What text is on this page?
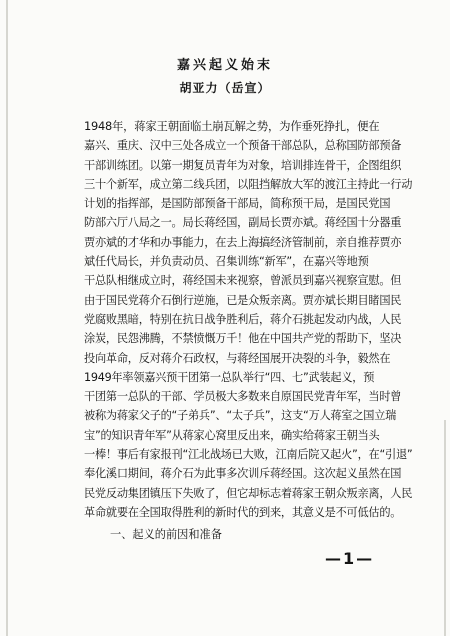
嘉兴起义始末
胡亚力（岳宣）
1948年，蒋家王朝面临土崩瓦解之势，为作垂死挣扎，便在
嘉兴、重庆、汉中三处各成立一个预备干部总队，总称国防部预备
干部训练团。以第一期复员青年为对象，培训排连骨干，企图组织
三十个新军，成立第二线兵团，以阻挡解放大军的渡江主持此一行动
计划的指挥部，是国防部预备干部局，简称预干局，是国民党国
防部六厅八局之一。局长蒋经国，副局长贾亦斌。蒋经国十分器重
贾亦斌的才华和办事能力，在去上海搞经济管制前，亲自推荐贾亦
斌任代局长，并负责动员、召集训练“新军”，在嘉兴等地预
干总队相继成立时，蒋经国未来视察，曾派员到嘉兴视察宣慰。但
由于国民党蒋介石倒行逆施，已是众叛亲离。贾亦斌长期目睹国民
党腐败黑暗，特别在抗日战争胜利后，蒋介石挑起发动内战，人民
涂炭，民怨沸腾，不禁愤慨万千！他在中国共产党的帮助下，坚决
投向革命，反对蒋介石政权，与蒋经国展开决裂的斗争，毅然在
1949年率领嘉兴预干团第一总队举行“四、七”武装起义，预
干团第一总队的干部、学员极大多数来自原国民党青年军，当时曾
被称为蒋家父子的“子弟兵”、“太子兵”，这支“万人蒋室之国立瑞
宝”的知识青年军”从蒋家心窝里反出来，确实给蒋家王朝当头
一棒！事后有家报刊“江北战场已大败，江南后院又起火”，在“引退”
奉化溪口期间，蒋介石为此事多次训斥蒋经国。这次起义虽然在国
民党反动集团镇压下失败了，但它却标志着蒋家王朝众叛亲离，人民
革命就要在全国取得胜利的新时代的到来，其意义是不可低估的。
一、起义的前因和准备
—1—
